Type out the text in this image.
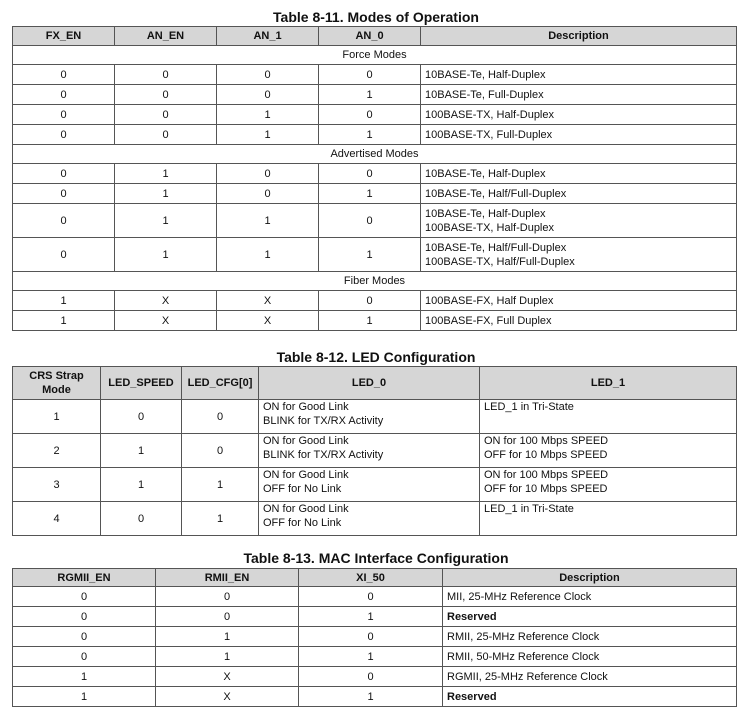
Table 8-11. Modes of Operation
FX_EN	AN_EN	AN_1	AN_0	Description
Force Modes				
0	0	0	0	10BASE-Te, Half-Duplex

0	0	0	1	10BASE-Te, Full-Duplex

0	0	1	0	100BASE-TX, Half-Duplex

0	0	1	1	100BASE-TX, Full-Duplex

Advertised Modes				
0	1	0	0	10BASE-Te, Half-Duplex

0	1	0	1	10BASE-Te, Half/Full-Duplex

0	1	1	0	10BASE-Te, Half-Duplex
100BASE-TX, Half-Duplex

0	1	1	1	10BASE-Te, Half/Full-Duplex
100BASE-TX, Half/Full-Duplex

Fiber Modes				
1	X	X	0	100BASE-FX, Half Duplex

1	X	X	1	100BASE-FX, Full Duplex
Table 8-12. LED Configuration
CRS Strap
Mode	LED_SPEED	LED_CFG[0]	LED_0	LED_1

1	0	0	ON for Good Link
BLINK for TX/RX Activity	LED_1 in Tri-State

2	1	0	ON for Good Link
BLINK for TX/RX Activity	ON for 100 Mbps SPEED
OFF for 10 Mbps SPEED

3	1	1	ON for Good Link
OFF for No Link	ON for 100 Mbps SPEED
OFF for 10 Mbps SPEED

4	0	1	ON for Good Link
OFF for No Link	LED_1 in Tri-State
Table 8-13. MAC Interface Configuration
RGMII_EN	RMII_EN	XI_50	Description
0	0	0	MII, 25-MHz Reference Clock
0	0	1	Reserved
0	1	0	RMII, 25-MHz Reference Clock
0	1	1	RMII, 50-MHz Reference Clock
1	X	0	RGMII, 25-MHz Reference Clock
1	X	1	Reserved
